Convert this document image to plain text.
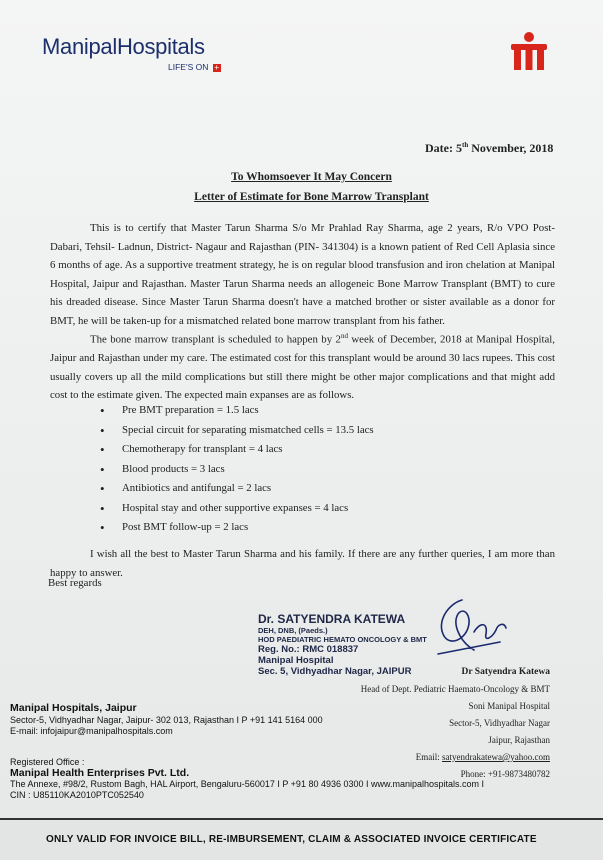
ManipalHospitals
LIFE'S ON +
Date: 5th November, 2018
To Whomsoever It May Concern
Letter of Estimate for Bone Marrow Transplant
This is to certify that Master Tarun Sharma S/o Mr Prahlad Ray Sharma, age 2 years, R/o VPO Post-Dabari, Tehsil- Ladnun, District- Nagaur and Rajasthan (PIN- 341304) is a known patient of Red Cell Aplasia since 6 months of age. As a supportive treatment strategy, he is on regular blood transfusion and iron chelation at Manipal Hospital, Jaipur and Rajasthan. Master Tarun Sharma needs an allogeneic Bone Marrow Transplant (BMT) to cure his dreaded disease. Since Master Tarun Sharma doesn't have a matched brother or sister available as a donor for BMT, he will be taken-up for a mismatched related bone marrow transplant from his father.
The bone marrow transplant is scheduled to happen by 2nd week of December, 2018 at Manipal Hospital, Jaipur and Rajasthan under my care. The estimated cost for this transplant would be around 30 lacs rupees. This cost usually covers up all the mild complications but still there might be other major complications and that might add cost to the estimate given. The expected main expanses are as follows.
• Pre BMT preparation = 1.5 lacs
• Special circuit for separating mismatched cells = 13.5 lacs
• Chemotherapy for transplant = 4 lacs
• Blood products = 3 lacs
• Antibiotics and antifungal = 2 lacs
• Hospital stay and other supportive expanses = 4 lacs
• Post BMT follow-up = 2 lacs
I wish all the best to Master Tarun Sharma and his family. If there are any further queries, I am more than happy to answer.
Best regards
Dr. SATYENDRA KATEWA
DEH, DNB, (Paeds.)
HOD PAEDIATRIC HEMATO ONCOLOGY & BMT
Reg. No.: RMC 018837
Manipal Hospital
Sec. 5, Vidhyadhar Nagar, JAIPUR	Dr Satyendra Katewa
Head of Dept. Pediatric Haemato-Oncology & BMT
Soni Manipal Hospital
Sector-5, Vidhyadhar Nagar
Jaipur, Rajasthan
Email: satyendrakatewa@yahoo.com
Phone: +91-9873480782
Manipal Hospitals, Jaipur
Sector-5, Vidhyadhar Nagar, Jaipur- 302 013, Rajasthan I P +91 141 5164 000
E-mail: infojaipur@manipalhospitals.com
Registered Office :
Manipal Health Enterprises Pvt. Ltd.
The Annexe, #98/2, Rustom Bagh, HAL Airport, Bengaluru-560017 I P +91 80 4936 0300 I www.manipalhospitals.com I
CIN : U85110KA2010PTC052540
ONLY VALID FOR INVOICE BILL, RE-IMBURSEMENT, CLAIM & ASSOCIATED INVOICE CERTIFICATE
